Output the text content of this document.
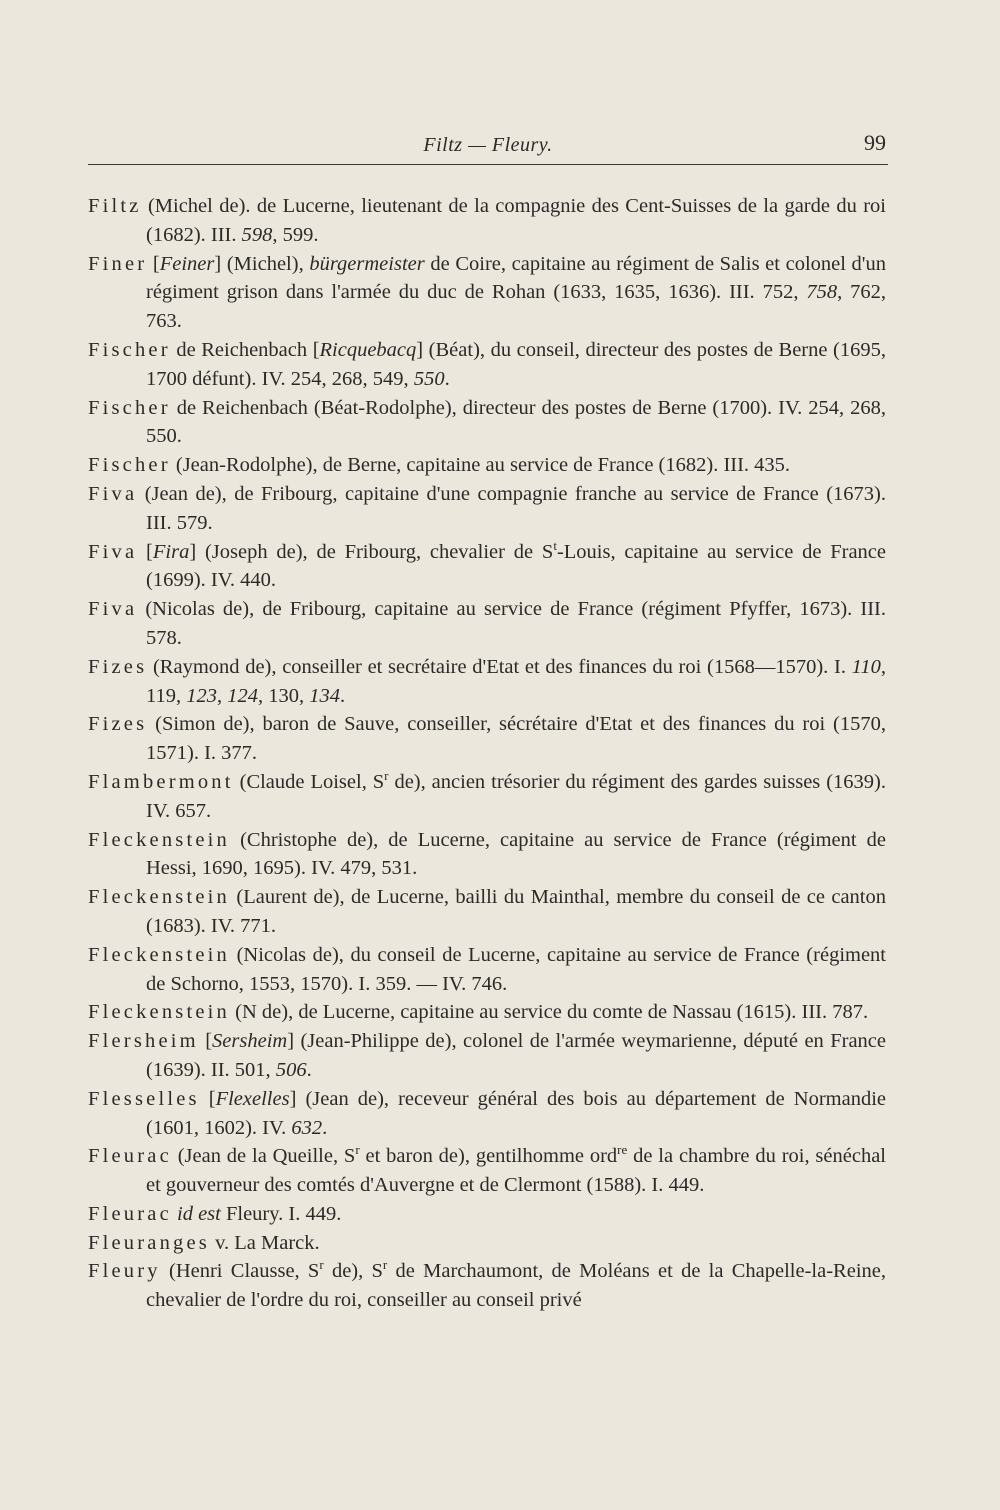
Filtz — Fleury.	99

Filtz (Michel de). de Lucerne, lieutenant de la compagnie des Cent-Suisses de la garde du roi (1682). III. 598, 599.

Finer [Feiner] (Michel), bürgermeister de Coire, capitaine au régiment de Salis et colonel d'un régiment grison dans l'armée du duc de Rohan (1633, 1635, 1636). III. 752, 758, 762, 763.

Fischer de Reichenbach [Ricquebacq] (Béat), du conseil, directeur des postes de Berne (1695, 1700 défunt). IV. 254, 268, 549, 550.

Fischer de Reichenbach (Béat-Rodolphe), directeur des postes de Berne (1700). IV. 254, 268, 550.

Fischer (Jean-Rodolphe), de Berne, capitaine au service de France (1682). III. 435.

Fiva (Jean de), de Fribourg, capitaine d'une compagnie franche au service de France (1673). III. 579.

Fiva [Fira] (Joseph de), de Fribourg, chevalier de $S^t$-Louis, capitaine au service de France (1699). IV. 440.

Fiva (Nicolas de), de Fribourg, capitaine au service de France (régiment Pfyffer, 1673). III. 578.

Fizes (Raymond de), conseiller et secrétaire d'Etat et des finances du roi (1568—1570). I. 110, 119, 123, 124, 130, 134.

Fizes (Simon de), baron de Sauve, conseiller, sécrétaire d'Etat et des finances du roi (1570, 1571). I. 377.

Flambermont (Claude Loisel, $S^r$ de), ancien trésorier du régiment des gardes suisses (1639). IV. 657.

Fleckenstein (Christophe de), de Lucerne, capitaine au service de France (régiment de Hessi, 1690, 1695). IV. 479, 531.

Fleckenstein (Laurent de), de Lucerne, bailli du Mainthal, membre du conseil de ce canton (1683). IV. 771.

Fleckenstein (Nicolas de), du conseil de Lucerne, capitaine au service de France (régiment de Schorno, 1553, 1570). I. 359. — IV. 746.

Fleckenstein (N de), de Lucerne, capitaine au service du comte de Nassau (1615). III. 787.

Flersheim [Sersheim] (Jean-Philippe de), colonel de l'armée weymarienne, député en France (1639). II. 501, 506.

Flesselles [Flexelles] (Jean de), receveur général des bois au département de Normandie (1601, 1602). IV. 632.

Fleurac (Jean de la Queille, $S^r$ et baron de), gentilhomme ord$^{re}$ de la chambre du roi, sénéchal et gouverneur des comtés d'Auvergne et de Clermont (1588). I. 449.

Fleurac id est Fleury. I. 449.

Fleuranges v. La Marck.

Fleury (Henri Clausse, $S^r$ de), $S^r$ de Marchaumont, de Moléans et de la Chapelle-la-Reine, chevalier de l'ordre du roi, conseiller au conseil privé
